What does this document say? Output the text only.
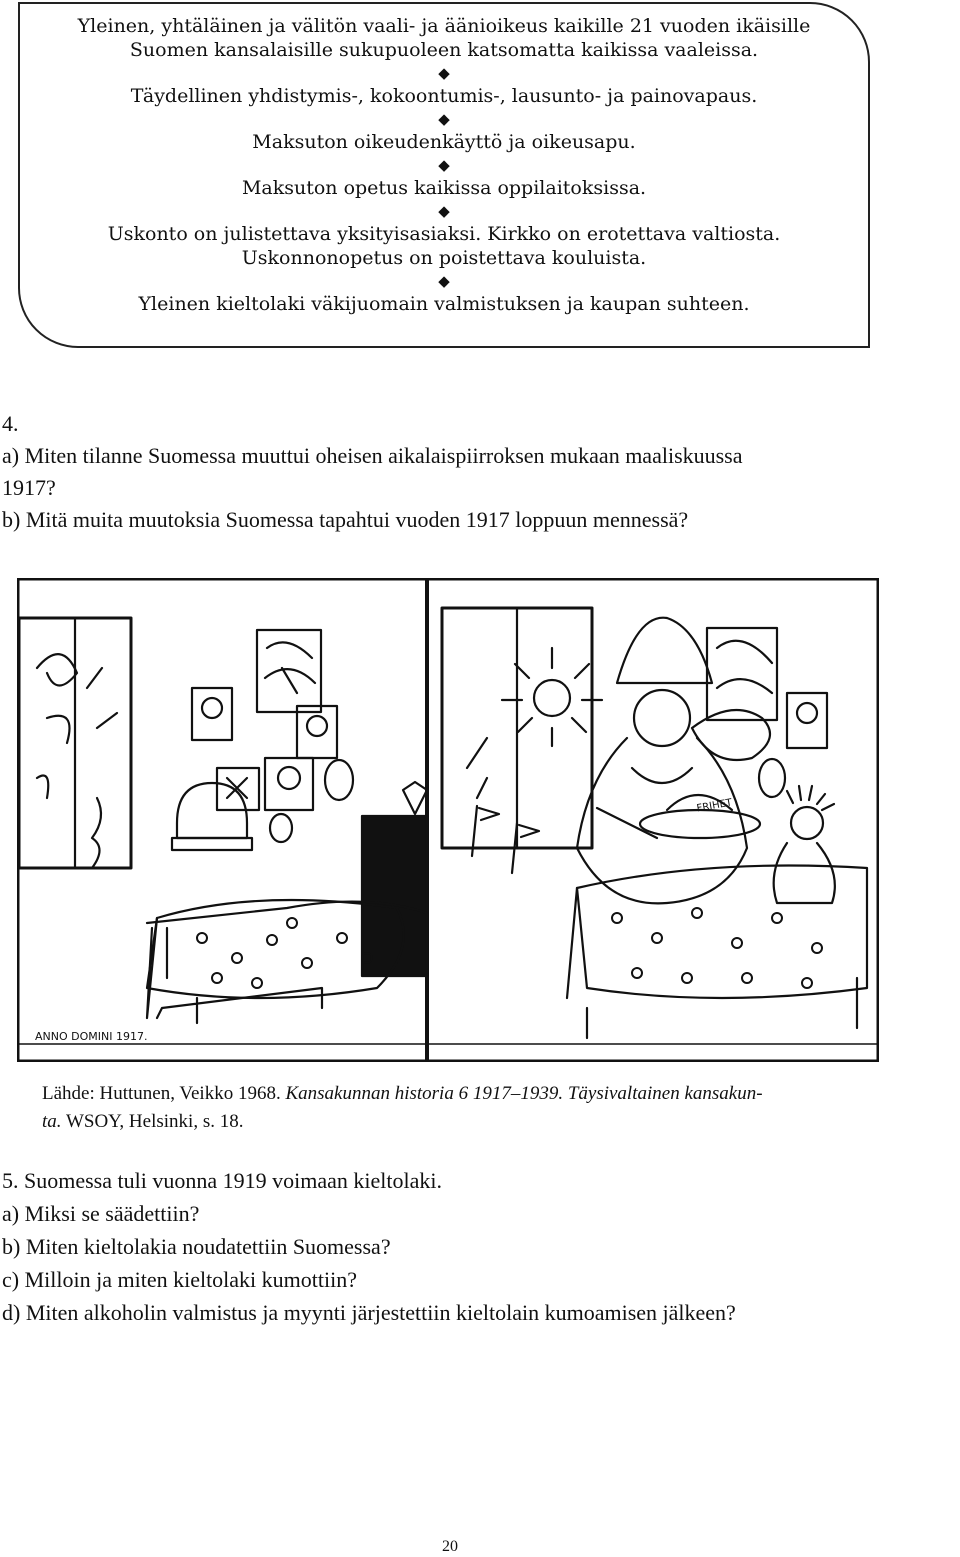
Yleinen, yhtäläinen ja välitön vaali- ja äänioikeus kaikille 21 vuoden ikäisille
Suomen kansalaisille sukupuoleen katsomatta kaikissa vaaleissa.
◆
Täydellinen yhdistymis-, kokoontumis-, lausunto- ja painovapaus.
◆
Maksuton oikeudenkäyttö ja oikeusapu.
◆
Maksuton opetus kaikissa oppilaitoksissa.
◆
Uskonto on julistettava yksityisasiaksi. Kirkko on erotettava valtiosta.
Uskonnonopetus on poistettava kouluista.
◆
Yleinen kieltolaki väkijuomain valmistuksen ja kaupan suhteen.
4.
a) Miten tilanne Suomessa muuttui oheisen aikalaispiirroksen mukaan maaliskuussa
1917?
b) Mitä muita muutoksia Suomessa tapahtui vuoden 1917 loppuun mennessä?
ANNO DOMINI 1917.
FRIHET
Lähde: Huttunen, Veikko 1968. Kansakunnan historia 6 1917–1939. Täysivaltainen kansakun-
ta. WSOY, Helsinki, s. 18.
5. Suomessa tuli vuonna 1919 voimaan kieltolaki.
a) Miksi se säädettiin?
b) Miten kieltolakia noudatettiin Suomessa?
c) Milloin ja miten kieltolaki kumottiin?
d) Miten alkoholin valmistus ja myynti järjestettiin kieltolain kumoamisen jälkeen?
20
